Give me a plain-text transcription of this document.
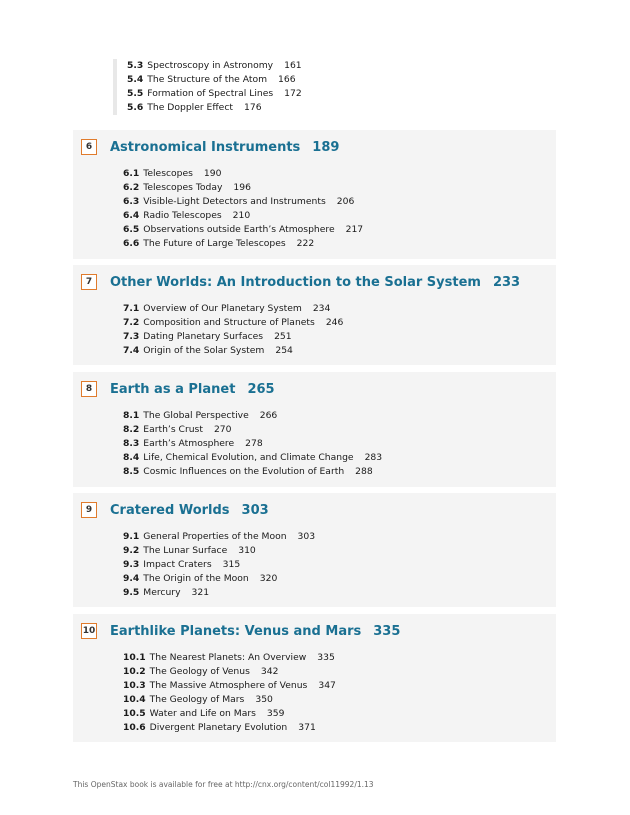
5.3 Spectroscopy in Astronomy 161
5.4 The Structure of the Atom 166
5.5 Formation of Spectral Lines 172
5.6 The Doppler Effect 176
6	Astronomical Instruments 189
6.1 Telescopes 190
6.2 Telescopes Today 196
6.3 Visible-Light Detectors and Instruments 206
6.4 Radio Telescopes 210
6.5 Observations outside Earth’s Atmosphere 217
6.6 The Future of Large Telescopes 222
7	Other Worlds: An Introduction to the Solar System 233
7.1 Overview of Our Planetary System 234
7.2 Composition and Structure of Planets 246
7.3 Dating Planetary Surfaces 251
7.4 Origin of the Solar System 254
8	Earth as a Planet 265
8.1 The Global Perspective 266
8.2 Earth’s Crust 270
8.3 Earth’s Atmosphere 278
8.4 Life, Chemical Evolution, and Climate Change 283
8.5 Cosmic Influences on the Evolution of Earth 288
9	Cratered Worlds 303
9.1 General Properties of the Moon 303
9.2 The Lunar Surface 310
9.3 Impact Craters 315
9.4 The Origin of the Moon 320
9.5 Mercury 321
10 Earthlike Planets: Venus and Mars 335
10.1 The Nearest Planets: An Overview 335
10.2 The Geology of Venus 342
10.3 The Massive Atmosphere of Venus 347
10.4 The Geology of Mars 350
10.5 Water and Life on Mars 359
10.6 Divergent Planetary Evolution 371
This OpenStax book is available for free at http://cnx.org/content/col11992/1.13
